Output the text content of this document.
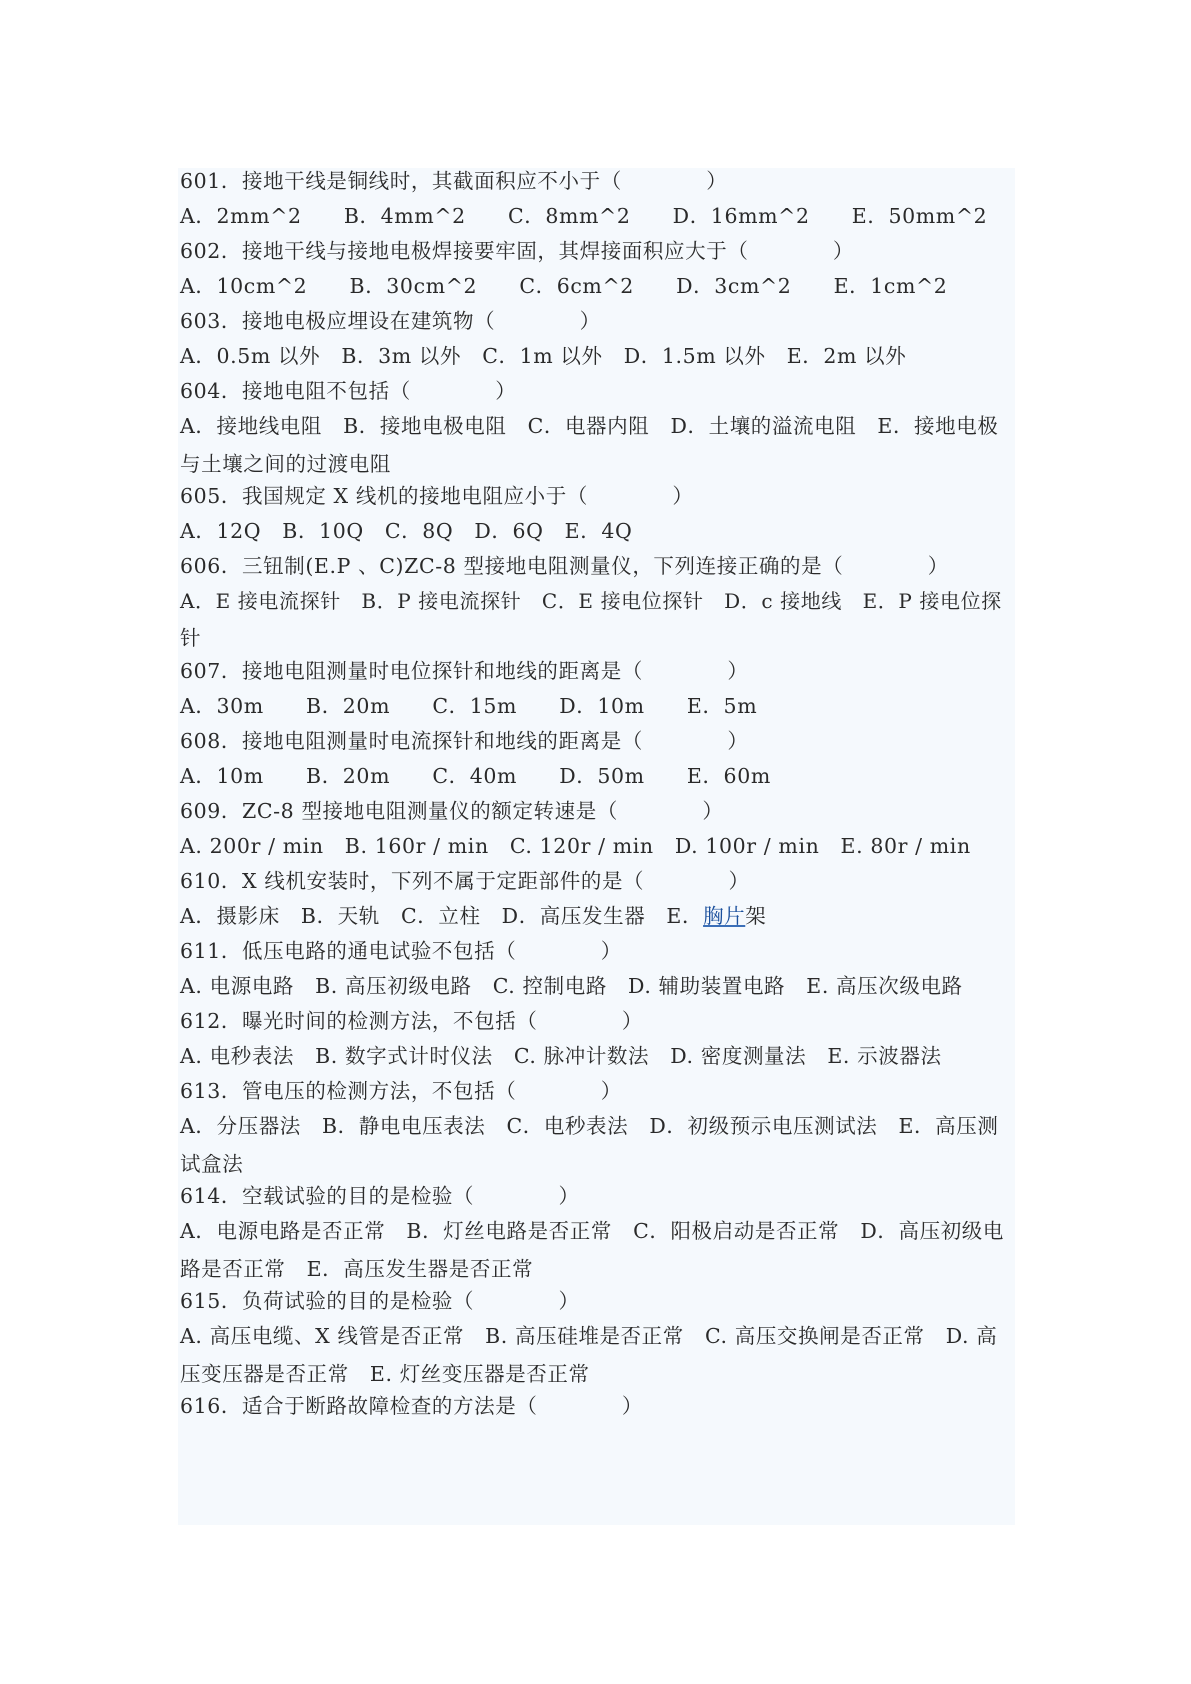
601．接地干线是铜线时，其截面积应不小于（　　　　）
A．2mm^2　　B．4mm^2　　C．8mm^2　　D．16mm^2　　E．50mm^2
602．接地干线与接地电极焊接要牢固，其焊接面积应大于（　　　　）
A．10cm^2　　B．30cm^2　　C．6cm^2　　D．3cm^2　　E．1cm^2
603．接地电极应埋设在建筑物（　　　　）
A．0.5m 以外　B．3m 以外　C．1m 以外　D．1.5m 以外　E．2m 以外
604．接地电阻不包括（　　　　）
A．接地线电阻　B．接地电极电阻　C．电器内阻　D．土壤的溢流电阻　E．接地电极
与土壤之间的过渡电阻
605．我国规定 X 线机的接地电阻应小于（　　　　）
A．12Q　B．10Q　C．8Q　D．6Q　E．4Q
606．三钮制(E.P 、C)ZC-8 型接地电阻测量仪，下列连接正确的是（　　　　）
A．E 接电流探针　B．P 接电流探针　C．E 接电位探针　D．c 接地线　E．P 接电位探
针
607．接地电阻测量时电位探针和地线的距离是（　　　　）
A．30m　　B．20m　　C．15m　　D．10m　　E．5m
608．接地电阻测量时电流探针和地线的距离是（　　　　）
A．10m　　B．20m　　C．40m　　D．50m　　E．60m
609．ZC-8 型接地电阻测量仪的额定转速是（　　　　）
A. 200r / min　B. 160r / min　C. 120r / min　D. 100r / min　E. 80r / min
610．X 线机安装时，下列不属于定距部件的是（　　　　）
A．摄影床　B．天轨　C．立柱　D．高压发生器　E．胸片架
611．低压电路的通电试验不包括（　　　　）
A. 电源电路　B. 高压初级电路　C. 控制电路　D. 辅助装置电路　E. 高压次级电路
612．曝光时间的检测方法，不包括（　　　　）
A. 电秒表法　B. 数字式计时仪法　C. 脉冲计数法　D. 密度测量法　E. 示波器法
613．管电压的检测方法，不包括（　　　　）
A．分压器法　B．静电电压表法　C．电秒表法　D．初级预示电压测试法　E．高压测
试盒法
614．空载试验的目的是检验（　　　　）
A．电源电路是否正常　B．灯丝电路是否正常　C．阳极启动是否正常　D．高压初级电
路是否正常　E．高压发生器是否正常
615．负荷试验的目的是检验（　　　　）
A. 高压电缆、X 线管是否正常　B. 高压硅堆是否正常　C. 高压交换闸是否正常　D. 高
压变压器是否正常　E. 灯丝变压器是否正常
616．适合于断路故障检查的方法是（　　　　）
